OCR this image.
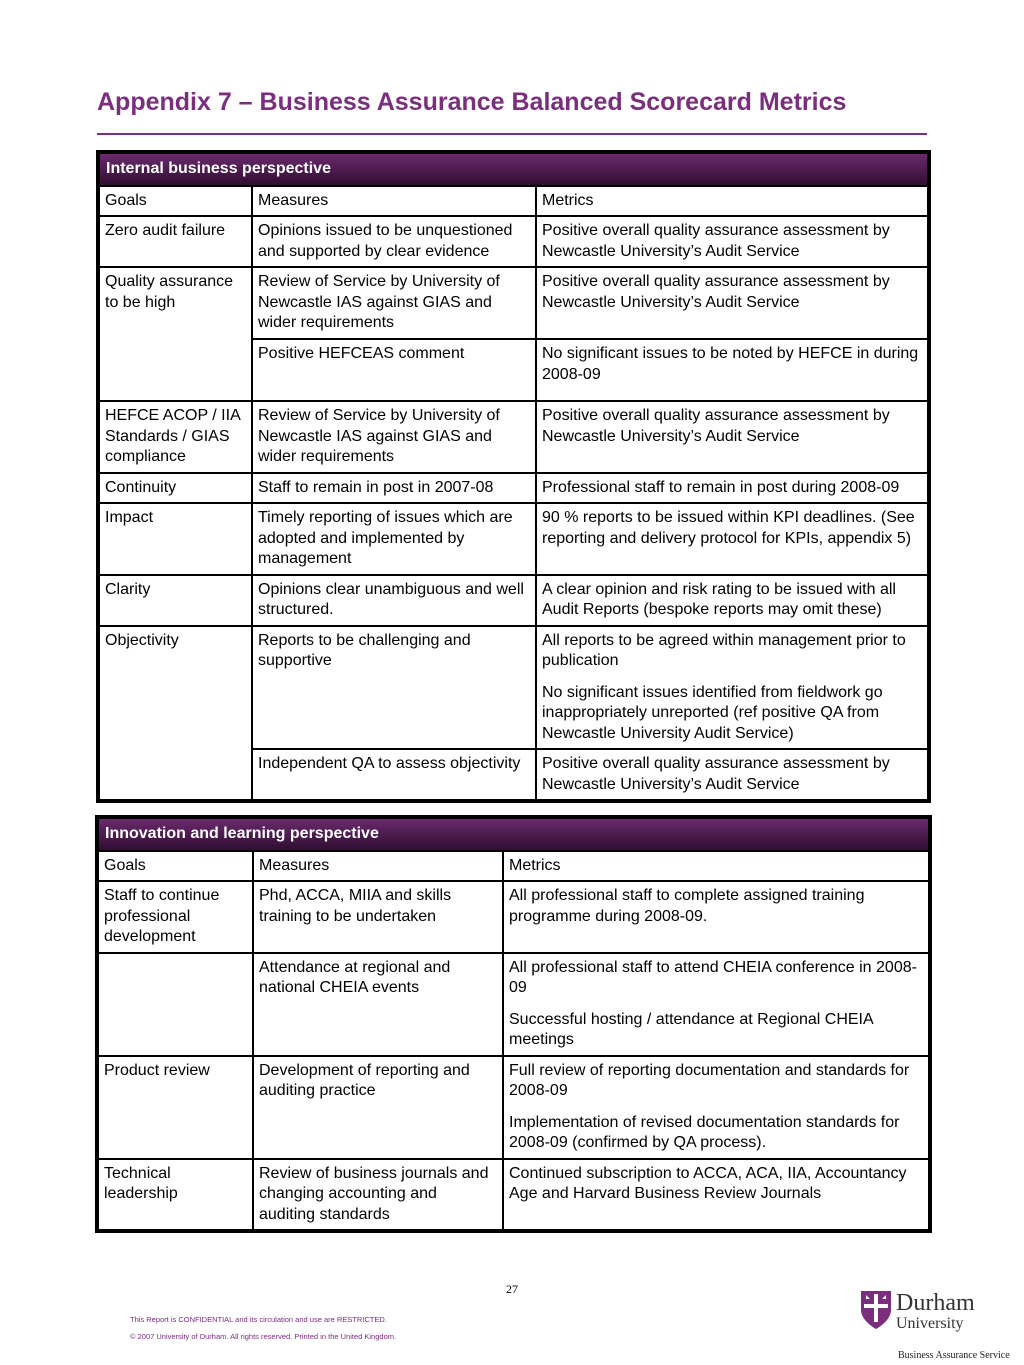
Appendix 7 – Business Assurance Balanced Scorecard Metrics
Internal business perspective		
Goals	Measures	Metrics
Zero audit failure	Opinions issued to be unquestioned and supported by clear evidence	Positive overall quality assurance assessment by Newcastle University’s Audit Service
Quality assurance to be high	Review of Service by University of Newcastle IAS against GIAS and wider requirements	Positive overall quality assurance assessment by Newcastle University’s Audit Service
	Positive HEFCEAS comment	No significant issues to be noted by HEFCE in during 2008-09
HEFCE ACOP / IIA Standards / GIAS compliance	Review of Service by University of Newcastle IAS against GIAS and wider requirements	Positive overall quality assurance assessment by Newcastle University’s Audit Service
Continuity	Staff to remain in post in 2007-08	Professional staff to remain in post during 2008-09
Impact	Timely reporting of issues which are adopted and implemented by management	90 % reports to be issued within KPI deadlines. (See reporting and delivery protocol for KPIs, appendix 5)
Clarity	Opinions clear unambiguous and well structured.	A clear opinion and risk rating to be issued with all Audit Reports (bespoke reports may omit these)
Objectivity	Reports to be challenging and supportive	All reports to be agreed within management prior to publication

No significant issues identified from fieldwork go inappropriately unreported (ref positive QA from Newcastle University Audit Service)

	Independent QA to assess objectivity	Positive overall quality assurance assessment by Newcastle University’s Audit Service
Innovation and learning perspective		
Goals	Measures	Metrics
Staff to continue professional development	Phd, ACCA, MIIA and skills training to be undertaken	All professional staff to complete assigned training programme during 2008-09.
	Attendance at regional and national CHEIA events	All professional staff to attend CHEIA conference in 2008-09

Successful hosting / attendance at Regional CHEIA meetings

Product review	Development of reporting and auditing practice	Full review of reporting documentation and standards for 2008-09

Implementation of revised documentation standards for 2008-09 (confirmed by QA process).

Technical leadership	Review of business journals and changing accounting and auditing standards	Continued subscription to ACCA, ACA, IIA, Accountancy Age and Harvard Business Review Journals
27
This Report is CONFIDENTIAL and its circulation and use are RESTRICTED.
© 2007 University of Durham. All rights reserved. Printed in the United Kingdom.
Durham
University
Business Assurance Service
